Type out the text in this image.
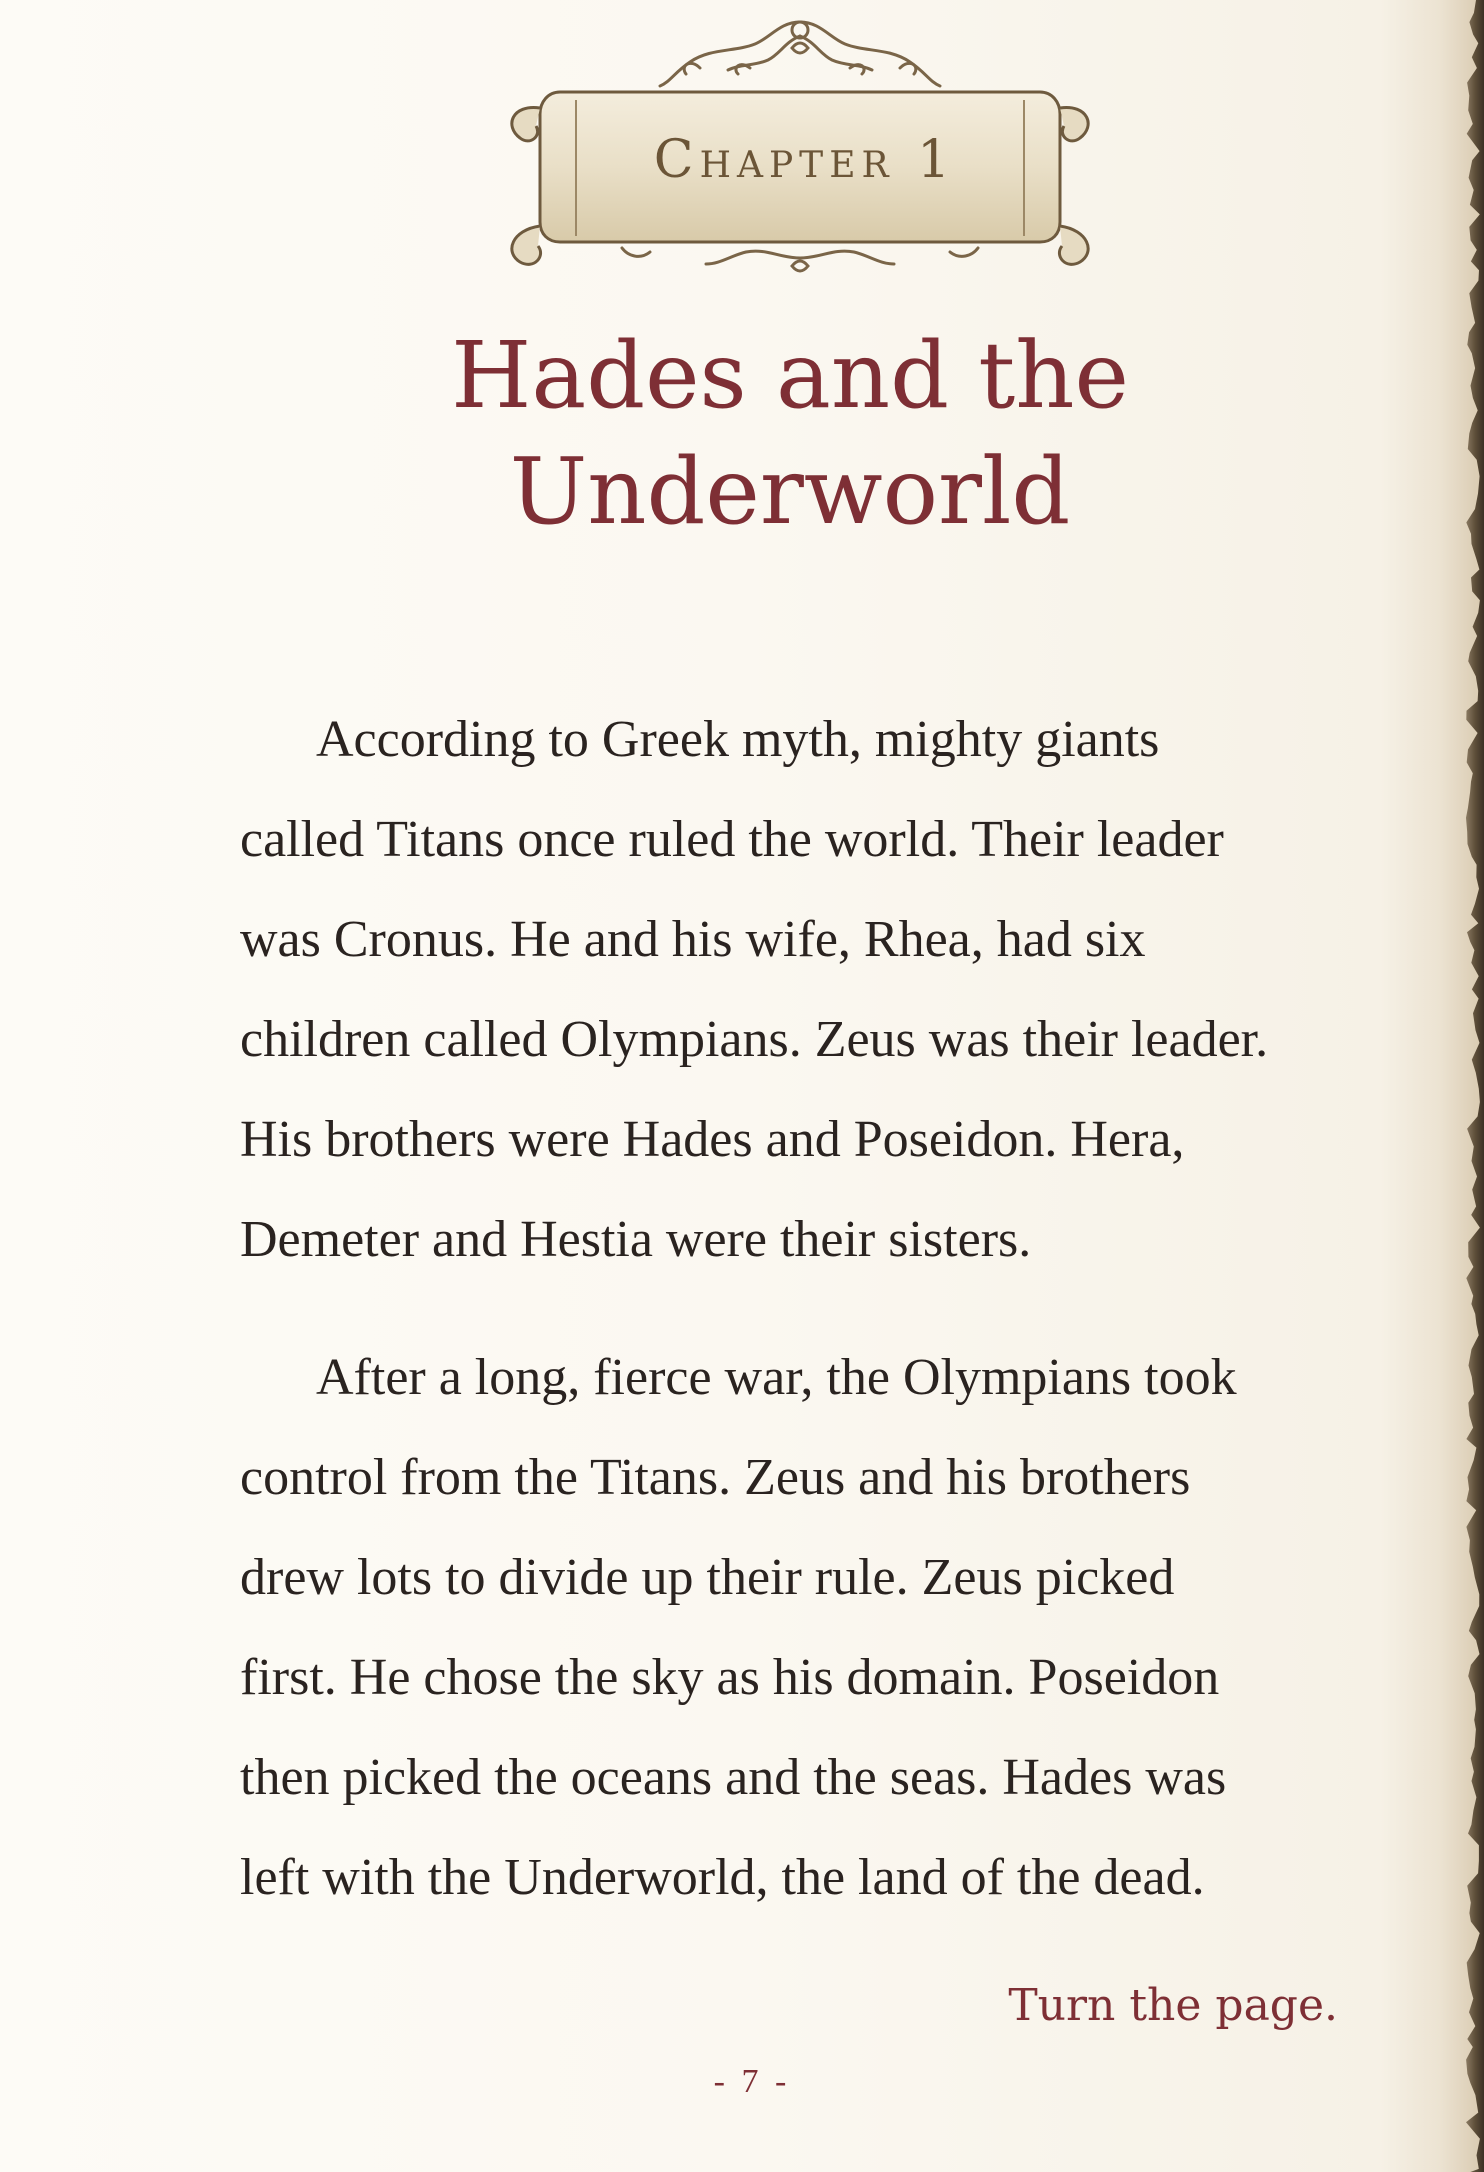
Chapter 1
Hades and the
Underworld
According to Greek myth, mighty giants
called Titans once ruled the world. Their leader
was Cronus. He and his wife, Rhea, had six
children called Olympians. Zeus was their leader.
His brothers were Hades and Poseidon. Hera,
Demeter and Hestia were their sisters.
After a long, fierce war, the Olympians took
control from the Titans. Zeus and his brothers
drew lots to divide up their rule. Zeus picked
first. He chose the sky as his domain. Poseidon
then picked the oceans and the seas. Hades was
left with the Underworld, the land of the dead.
Turn the page.
- 7 -
